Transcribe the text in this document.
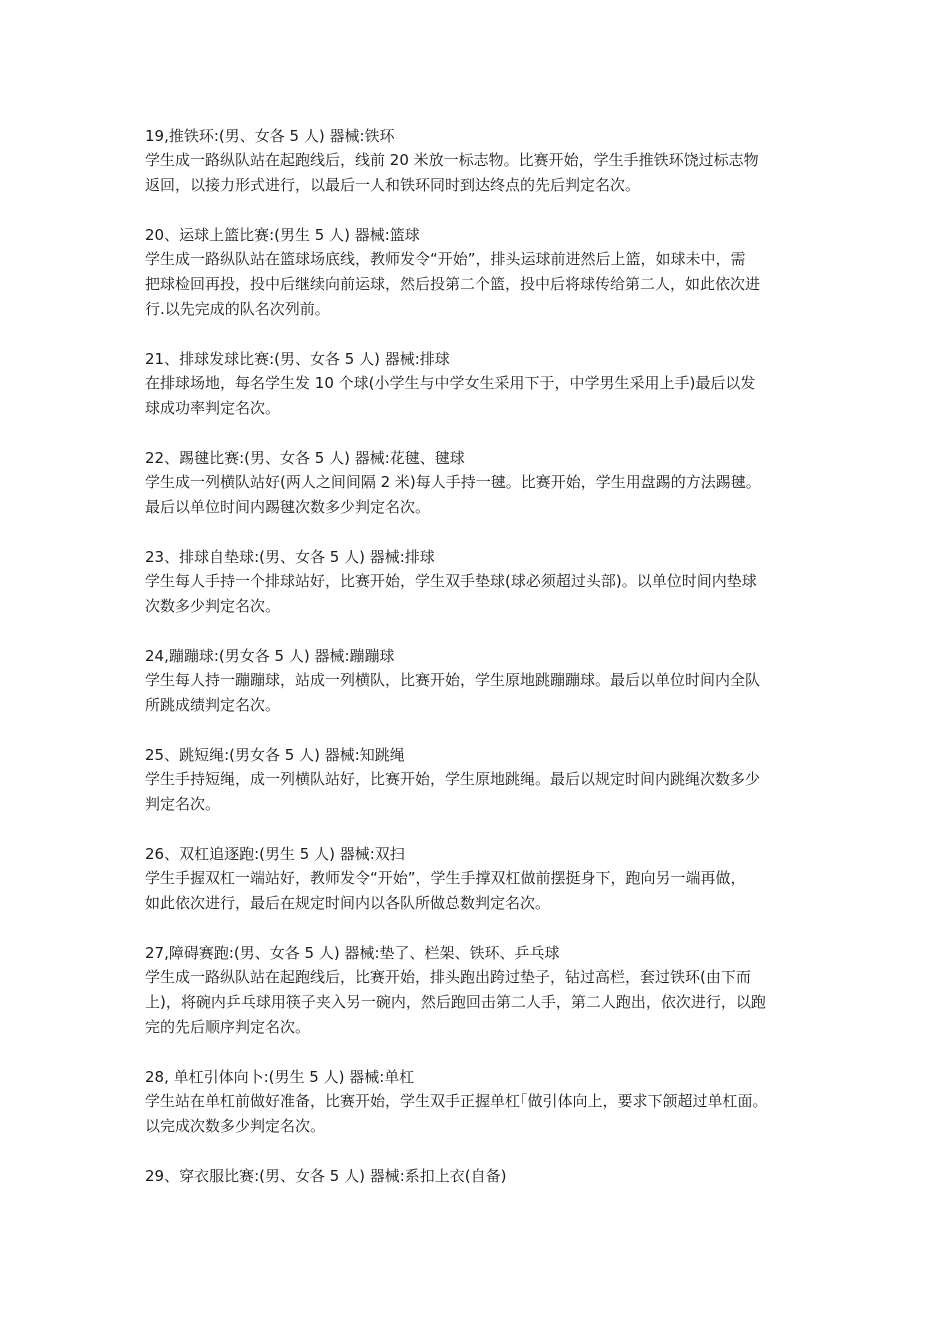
19,推铁环:(男、女各 5 人) 器械:铁环
学生成一路纵队站在起跑线后，线前 20 米放一标志物。比赛开始，学生手推铁环饶过标志物
返回，以接力形式进行，以最后一人和铁环同时到达终点的先后判定名次。
20、运球上篮比赛:(男生 5 人) 器械:篮球
学生成一路纵队站在篮球场底线，教师发令“开始”，排头运球前进然后上篮，如球未中，需
把球检回再投，投中后继续向前运球，然后投第二个篮，投中后将球传给第二人，如此依次进
行.以先完成的队名次列前。
21、排球发球比赛:(男、女各 5 人) 器械:排球
在排球场地，每名学生发 10 个球(小学生与中学女生采用下于，中学男生采用上手)最后以发
球成功率判定名次。
22、踢毽比赛:(男、女各 5 人) 器械:花毽、毽球
学生成一列横队站好(两人之间间隔 2 米)每人手持一毽。比赛开始，学生用盘踢的方法踢毽。
最后以单位时间内踢毽次数多少判定名次。
23、排球自垫球:(男、女各 5 人) 器械:排球
学生每人手持一个排球站好，比赛开始，学生双手垫球(球必须超过头部)。以单位时间内垫球
次数多少判定名次。
24,蹦蹦球:(男女各 5 人) 器械:蹦蹦球
学生每人持一蹦蹦球，站成一列横队，比赛开始，学生原地跳蹦蹦球。最后以单位时间内全队
所跳成绩判定名次。
25、跳短绳:(男女各 5 人) 器械:知跳绳
学生手持短绳，成一列横队站好，比赛开始，学生原地跳绳。最后以规定时间内跳绳次数多少
判定名次。
26、双杠追逐跑:(男生 5 人) 器械:双扫
学生手握双杠一端站好，教师发令“开始”，学生手撑双杠做前摆挺身下，跑向另一端再做，
如此依次进行，最后在规定时间内以各队所做总数判定名次。
27,障碍赛跑:(男、女各 5 人) 器械:垫了、栏架、铁环、乒乓球
学生成一路纵队站在起跑线后，比赛开始，排头跑出跨过垫子，钻过高栏，套过铁环(由下而
上)，将碗内乒乓球用筷子夹入另一碗内，然后跑回击第二人手，第二人跑出，依次进行，以跑
完的先后顺序判定名次。
28, 单杠引体向卜:(男生 5 人) 器械:单杠
学生站在单杠前做好准备，比赛开始，学生双手正握单杠｢做引体向上，要求下颌超过单杠面。
以完成次数多少判定名次。
29、穿衣服比赛:(男、女各 5 人) 器械:系扣上衣(自备)
